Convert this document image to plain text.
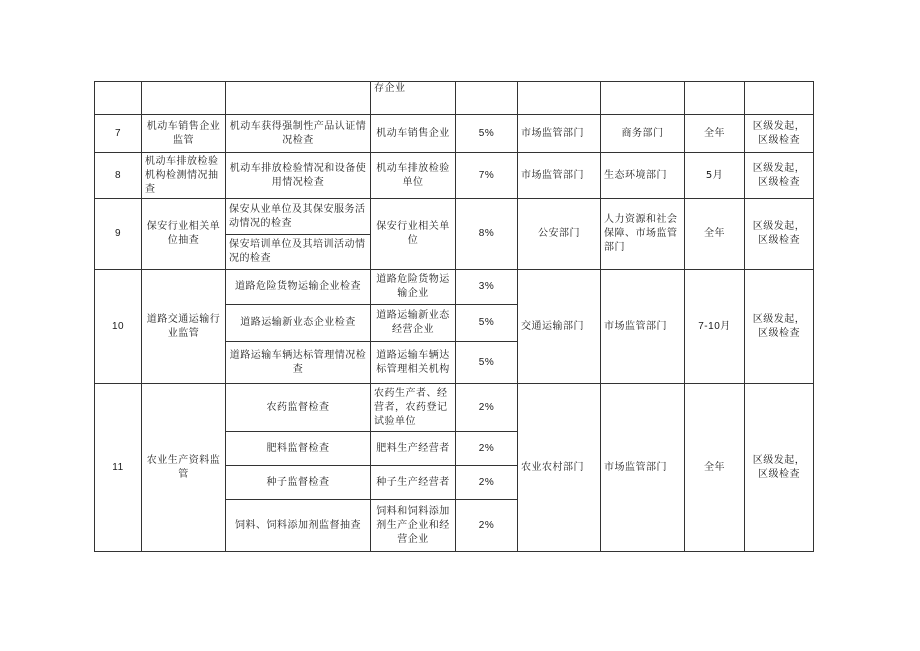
			存企业					
7	机动车销售企业监管	机动车获得强制性产品认证情况检查	机动车销售企业	5%	市场监管部门	商务部门	全年	区级发起，区级检查
8	机动车排放检验机构检测情况抽查	机动车排放检验情况和设备使用情况检查	机动车排放检验单位	7%	市场监管部门	生态环境部门	5月	区级发起，区级检查
9	保安行业相关单位抽查	保安从业单位及其保安服务活动情况的检查	保安行业相关单位	8%	公安部门	人力资源和社会保障、市场监管部门	全年	区级发起，区级检查
		保安培训单位及其培训活动情况的检查						
10	道路交通运输行业监管	道路危险货物运输企业检查	道路危险货物运输企业	3%	交通运输部门	市场监管部门	7-10月	区级发起，区级检查
		道路运输新业态企业检查	道路运输新业态经营企业	5%				
		道路运输车辆达标管理情况检查	道路运输车辆达标管理相关机构	5%				
11	农业生产资料监管	农药监督检查	农药生产者、经营者，农药登记试验单位	2%	农业农村部门	市场监管部门	全年	区级发起，区级检查
		肥料监督检查	肥料生产经营者	2%				
		种子监督检查	种子生产经营者	2%				
		饲料、饲料添加剂监督抽查	饲料和饲料添加剂生产企业和经营企业	2%				
